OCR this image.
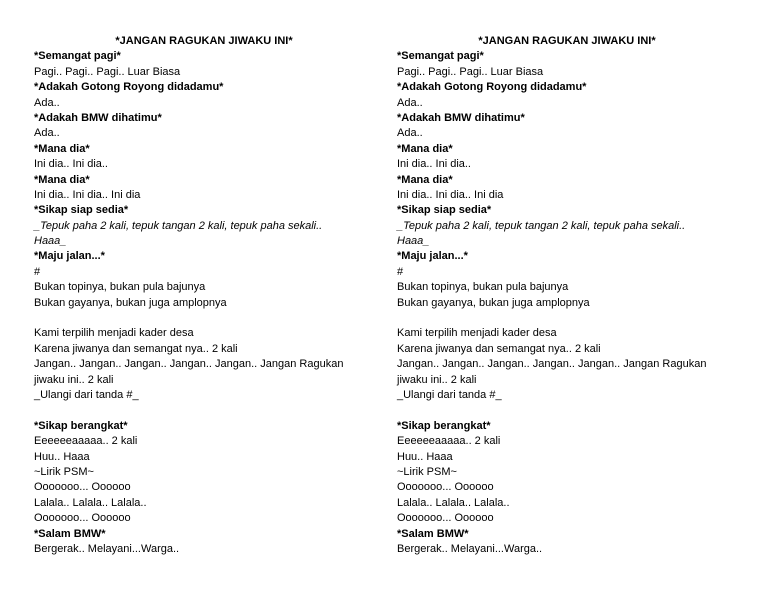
*JANGAN RAGUKAN JIWAKU INI*
*Semangat pagi*
Pagi.. Pagi.. Pagi.. Luar Biasa
*Adakah Gotong Royong didadamu*
Ada..
*Adakah BMW dihatimu*
Ada..
*Mana dia*
Ini dia.. Ini dia..
*Mana dia*
Ini dia.. Ini dia.. Ini dia
*Sikap siap sedia*
_Tepuk paha 2 kali, tepuk tangan 2 kali, tepuk paha sekali..
Haaa_
*Maju jalan...*
#
Bukan topinya, bukan pula bajunya
Bukan gayanya, bukan juga amplopnya
Kami terpilih menjadi kader desa
Karena jiwanya dan semangat nya.. 2 kali
Jangan.. Jangan.. Jangan.. Jangan.. Jangan.. Jangan Ragukan
jiwaku ini.. 2 kali
_Ulangi dari tanda #_
*Sikap berangkat*
Eeeeeeaaaaa.. 2 kali
Huu.. Haaa
~Lirik PSM~
Ooooooo... Oooooo
Lalala.. Lalala.. Lalala..
Ooooooo... Oooooo
*Salam BMW*
Bergerak.. Melayani...Warga..
*JANGAN RAGUKAN JIWAKU INI*
*Semangat pagi*
Pagi.. Pagi.. Pagi.. Luar Biasa
*Adakah Gotong Royong didadamu*
Ada..
*Adakah BMW dihatimu*
Ada..
*Mana dia*
Ini dia.. Ini dia..
*Mana dia*
Ini dia.. Ini dia.. Ini dia
*Sikap siap sedia*
_Tepuk paha 2 kali, tepuk tangan 2 kali, tepuk paha sekali..
Haaa_
*Maju jalan...*
#
Bukan topinya, bukan pula bajunya
Bukan gayanya, bukan juga amplopnya
Kami terpilih menjadi kader desa
Karena jiwanya dan semangat nya.. 2 kali
Jangan.. Jangan.. Jangan.. Jangan.. Jangan.. Jangan Ragukan
jiwaku ini.. 2 kali
_Ulangi dari tanda #_
*Sikap berangkat*
Eeeeeeaaaaa.. 2 kali
Huu.. Haaa
~Lirik PSM~
Ooooooo... Oooooo
Lalala.. Lalala.. Lalala..
Ooooooo... Oooooo
*Salam BMW*
Bergerak.. Melayani...Warga..
